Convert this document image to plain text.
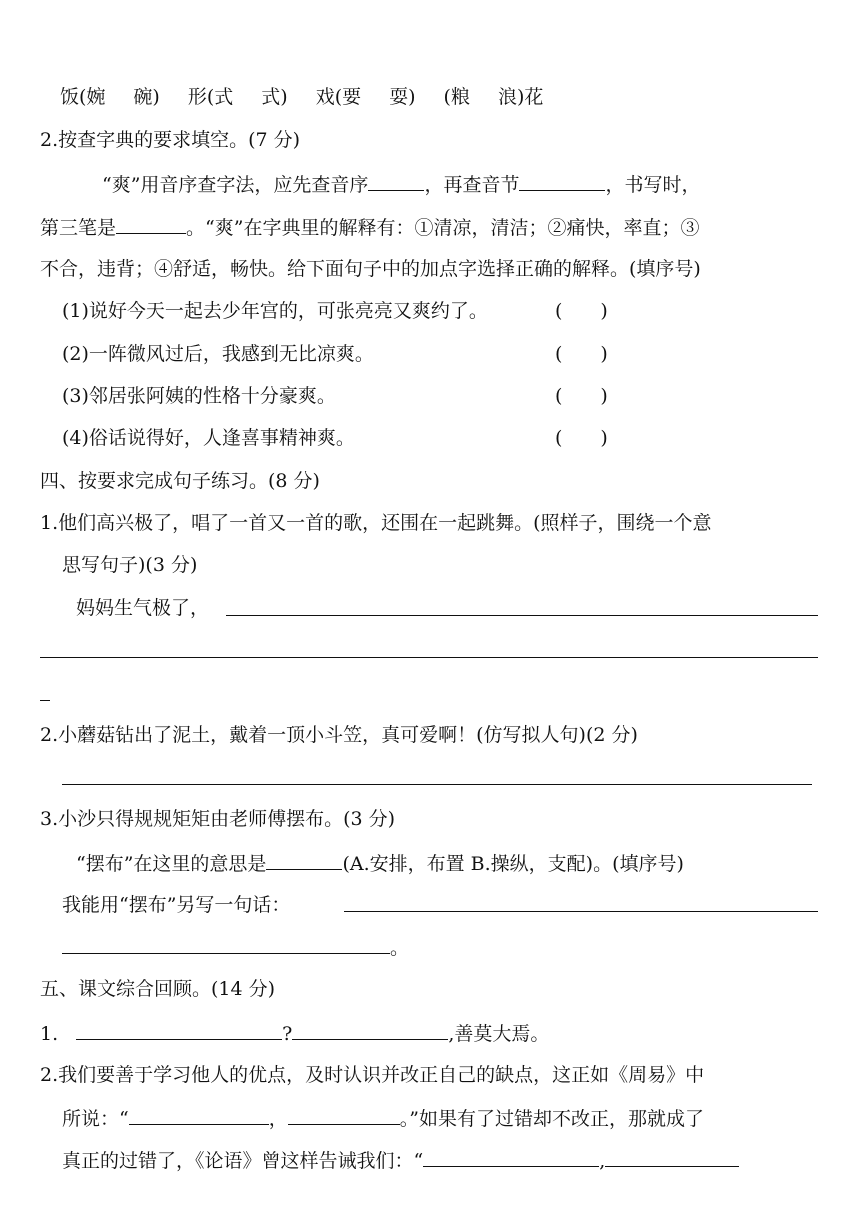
饭(婉 碗) 形(式 式) 戏(要 耍) (粮 浪)花
2.按查字典的要求填空。(7 分)
“爽”用音序查字法，应先查音序	，再查音节	，书写时，
第三笔是	。“爽”在字典里的解释有：①清凉，清洁；②痛快，率直；③
不合，违背；④舒适，畅快。给下面句子中的加点字选择正确的解释。(填序号)
(1)说好今天一起去少年宫的，可张亮亮又爽约了。	(　　)
(2)一阵微风过后，我感到无比凉爽。	(　　)
(3)邻居张阿姨的性格十分豪爽。	(　　)
(4)俗话说得好，人逢喜事精神爽。	(　　)
四、按要求完成句子练习。(8 分)
1.他们高兴极了，唱了一首又一首的歌，还围在一起跳舞。(照样子，围绕一个意
思写句子)(3 分)
妈妈生气极了，
2.小蘑菇钻出了泥土，戴着一顶小斗笠，真可爱啊！(仿写拟人句)(2 分)
3.小沙只得规规矩矩由老师傅摆布。(3 分)
“摆布”在这里的意思是	(A.安排，布置 B.操纵，支配)。(填序号)
我能用“摆布”另写一句话：
。
五、课文综合回顾。(14 分)
1.	?	,善莫大焉。
2.我们要善于学习他人的优点，及时认识并改正自己的缺点，这正如《周易》中
所说：“	，	。”如果有了过错却不改正，那就成了
真正的过错了，《论语》曾这样告诫我们：“	,
